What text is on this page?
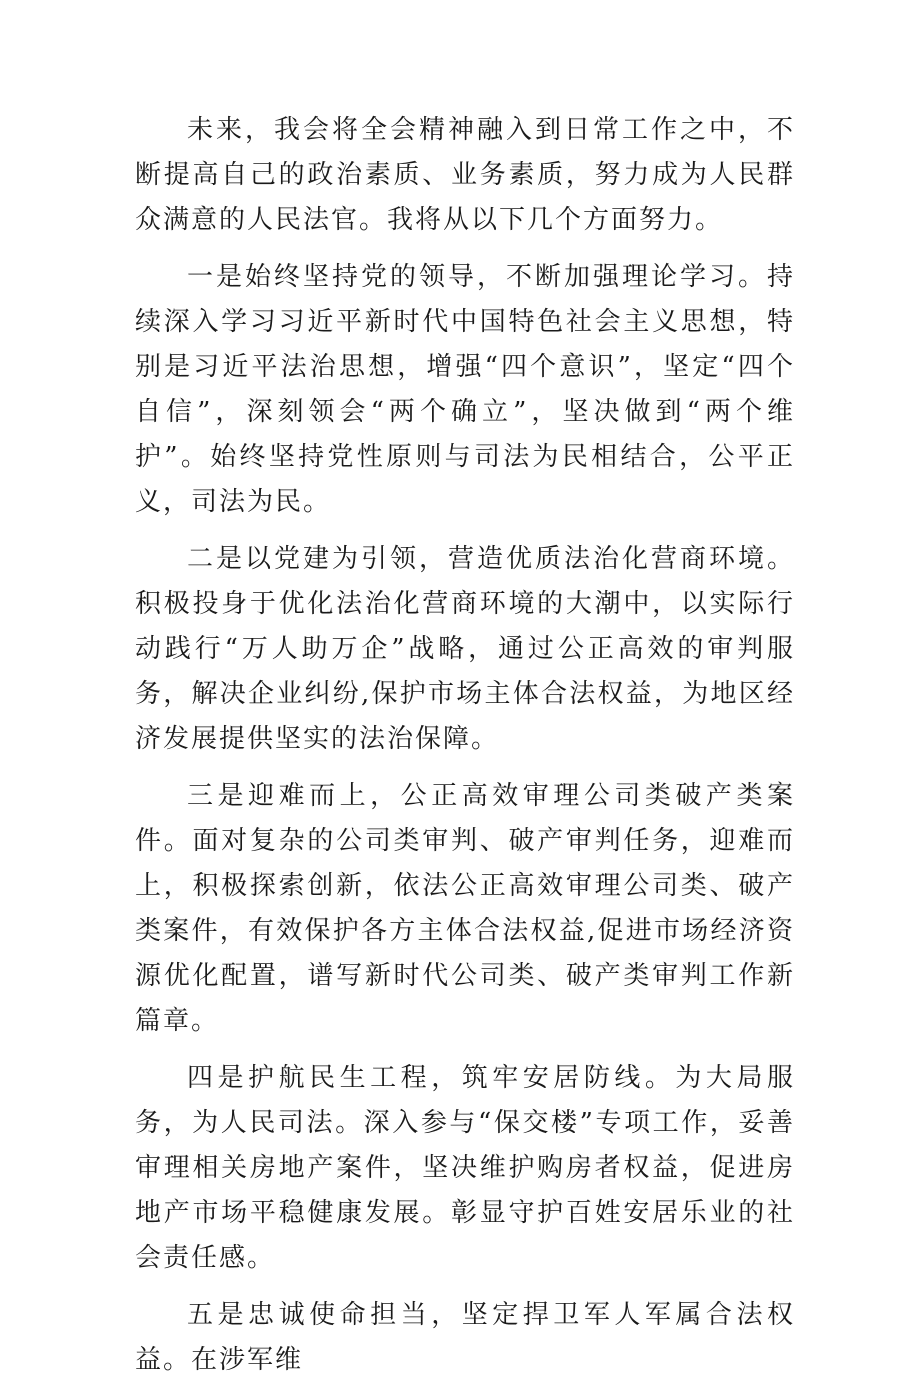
未来，我会将全会精神融入到日常工作之中，不断提高自己的政治素质、业务素质，努力成为人民群众满意的人民法官。我将从以下几个方面努力。

一是始终坚持党的领导，不断加强理论学习。持续深入学习习近平新时代中国特色社会主义思想，特别是习近平法治思想，增强“四个意识”，坚定“四个自信”，深刻领会“两个确立”，坚决做到“两个维护”。始终坚持党性原则与司法为民相结合，公平正义，司法为民。

二是以党建为引领，营造优质法治化营商环境。积极投身于优化法治化营商环境的大潮中，以实际行动践行“万人助万企”战略，通过公正高效的审判服务，解决企业纠纷,保护市场主体合法权益，为地区经济发展提供坚实的法治保障。

三是迎难而上，公正高效审理公司类破产类案件。面对复杂的公司类审判、破产审判任务，迎难而上，积极探索创新，依法公正高效审理公司类、破产类案件，有效保护各方主体合法权益,促进市场经济资源优化配置，谱写新时代公司类、破产类审判工作新篇章。

四是护航民生工程，筑牢安居防线。为大局服务，为人民司法。深入参与“保交楼”专项工作，妥善审理相关房地产案件，坚决维护购房者权益，促进房地产市场平稳健康发展。彰显守护百姓安居乐业的社会责任感。

五是忠诚使命担当，坚定捍卫军人军属合法权益。在涉军维
